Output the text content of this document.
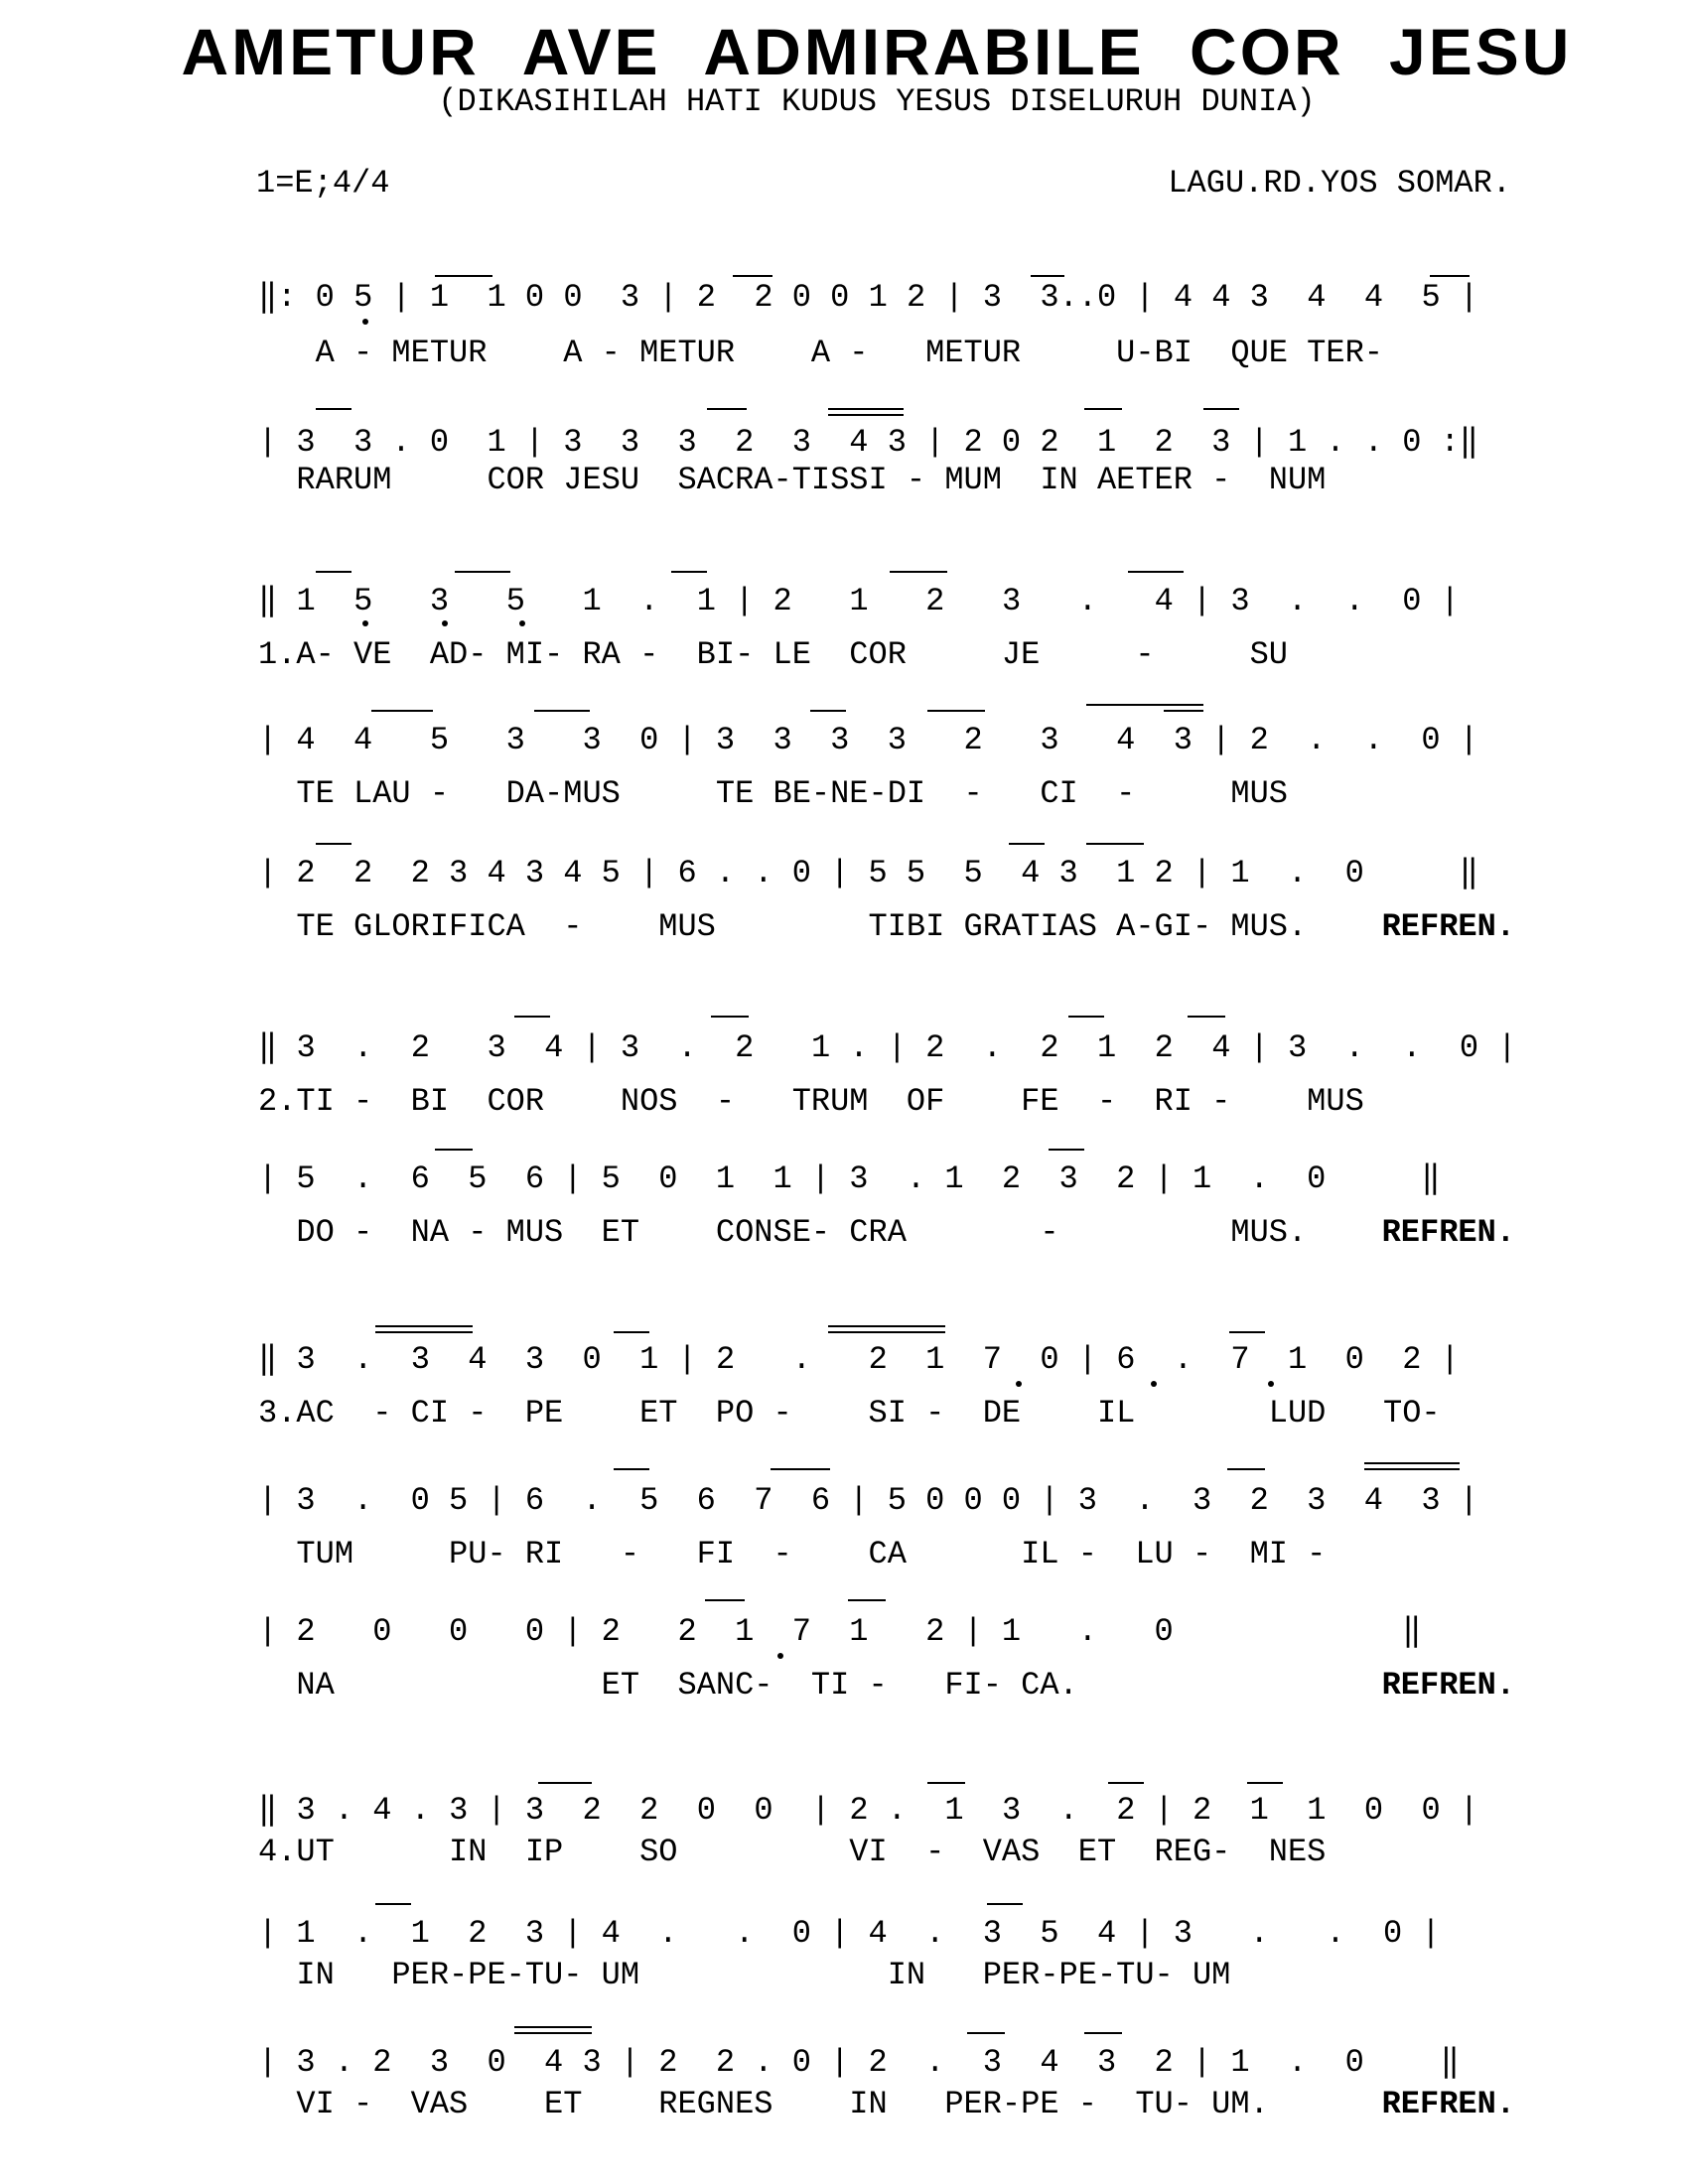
AMETUR AVE ADMIRABILE COR JESU
(DIKASIHILAH HATI KUDUS YESUS DISELURUH DUNIA)
1=E;4/4	LAGU.RD.YOS SOMAR.
‖: 0 5 | 1  1 0 0  3 | 2  2 0 0 1 2 | 3  3..0 | 4 4 3  4  4  5 |
A - METUR    A - METUR    A -   METUR     U-BI  QUE TER-
| 3  3 . 0  1 | 3  3  3  2  3  4 3 | 2 0 2  1  2  3 | 1 . . 0 :‖
RARUM     COR JESU  SACRA-TISSI - MUM  IN AETER -  NUM
‖ 1  5   3   5   1  .  1 | 2   1   2   3   .   4 | 3  .  .  0 |
1.A- VE  AD- MI- RA -  BI- LE  COR     JE     -     SU
| 4  4   5   3   3  0 | 3  3  3  3   2   3   4  3 | 2  .  .  0 |
TE LAU -   DA-MUS     TE BE-NE-DI  -   CI  -     MUS
| 2  2  2 3 4 3 4 5 | 6 . . 0 | 5 5  5  4 3  1 2 | 1  .  0     ‖
TE GLORIFICA  -    MUS        TIBI GRATIAS A-GI- MUS. REFREN.
‖ 3  .  2   3  4 | 3  .  2   1 . | 2  .  2  1  2  4 | 3  .  .  0 |
2.TI -  BI  COR    NOS  -   TRUM  OF    FE  -  RI -    MUS
| 5  .  6  5  6 | 5  0  1  1 | 3  . 1  2  3  2 | 1  .  0     ‖
DO -  NA - MUS  ET    CONSE- CRA       -         MUS. REFREN.
‖ 3  .  3  4  3  0  1 | 2   .   2  1  7  0 | 6  .  7  1  0  2 |
3.AC  - CI -  PE    ET  PO -    SI -  DE    IL       LUD   TO-
| 3  .  0 5 | 6  .  5  6  7  6 | 5 0 0 0 | 3  .  3  2  3  4  3 |
TUM     PU- RI   -   FI  -    CA      IL -  LU -  MI -
| 2   0   0   0 | 2   2  1  7  1   2 | 1   .   0            ‖
NA              ET  SANC-  TI -   FI- CA.	REFREN.
‖ 3 . 4 . 3 | 3  2  2  0  0  | 2 .  1  3  .  2 | 2  1  1  0  0 |
4.UT      IN  IP    SO         VI  -  VAS  ET  REG-  NES
| 1  .  1  2  3 | 4  .   .  0 | 4  .  3  5  4 | 3   .   .  0 |
IN   PER-PE-TU- UM             IN   PER-PE-TU- UM
| 3 . 2  3  0  4 3 | 2  2 . 0 | 2  .  3  4  3  2 | 1  .  0    ‖
VI -  VAS    ET    REGNES    IN   PER-PE -  TU- UM.	REFREN.
